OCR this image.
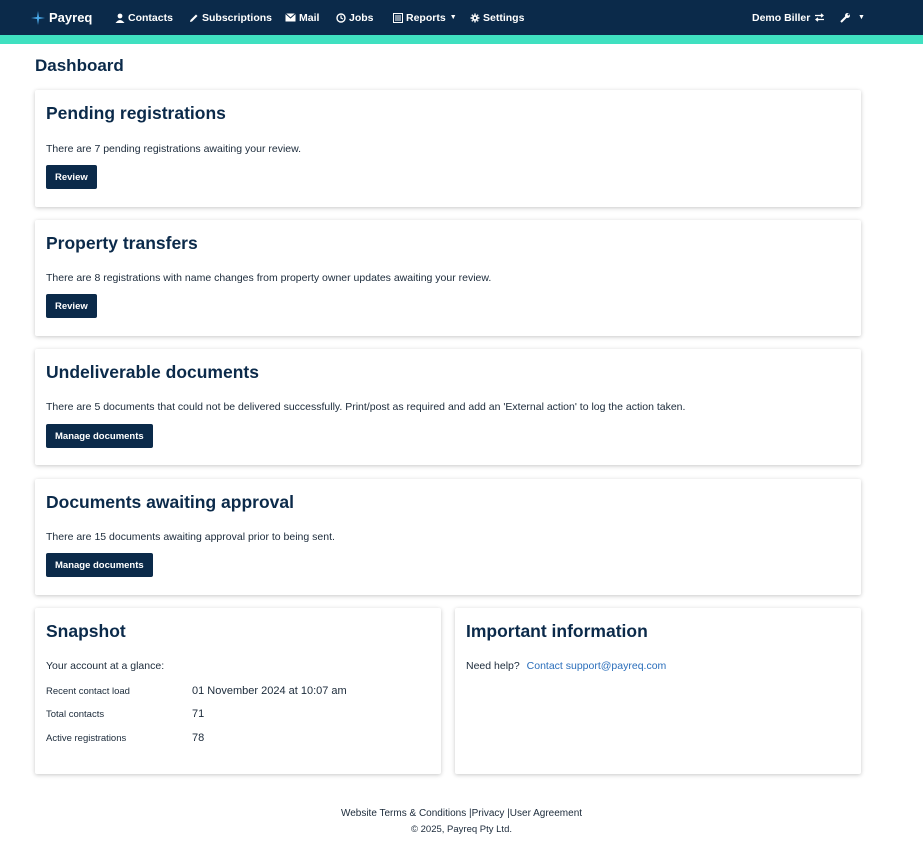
Payreq	Contacts	Subscriptions	Mail	Jobs	Reports ▼	Settings	Demo Biller	▼
Dashboard
Pending registrations
There are 7 pending registrations awaiting your review.
Review
Property transfers
There are 8 registrations with name changes from property owner updates awaiting your review.
Review
Undeliverable documents
There are 5 documents that could not be delivered successfully. Print/post as required and add an 'External action' to log the action taken.
Manage documents
Documents awaiting approval
There are 15 documents awaiting approval prior to being sent.
Manage documents
Snapshot
Your account at a glance:
Recent contact load	01 November 2024 at 10:07 am
Total contacts	71
Active registrations	78
Important information
Need help? Contact support@payreq.com
Website Terms & Conditions |Privacy |User Agreement
© 2025, Payreq Pty Ltd.
